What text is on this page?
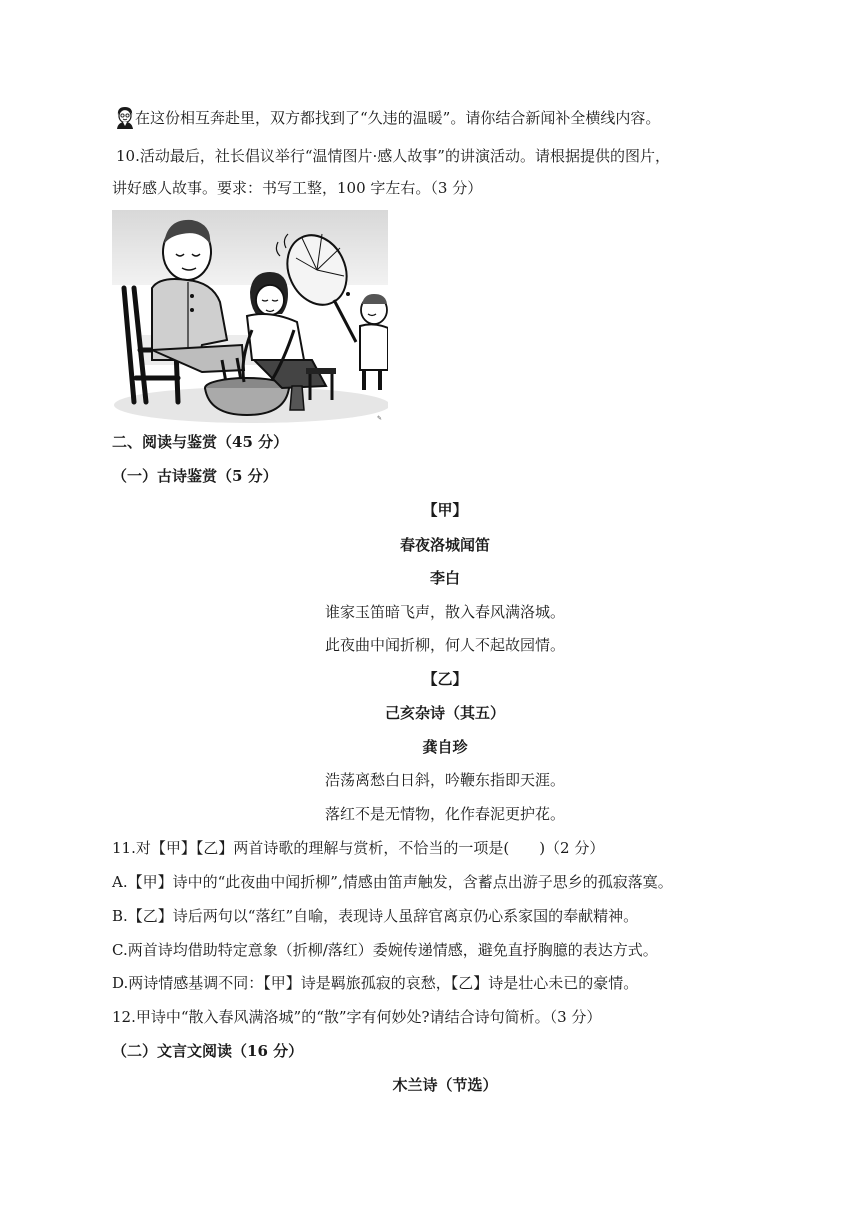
在这份相互奔赴里，双方都找到了“久违的温暖”。请你结合新闻补全横线内容。
10.活动最后，社长倡议举行“温情图片·感人故事”的讲演活动。请根据提供的图片，
讲好感人故事。要求：书写工整，100 字左右。（3 分）
✎
二、阅读与鉴赏（45 分）
（一）古诗鉴赏（5 分）
【甲】
春夜洛城闻笛
李白
谁家玉笛暗飞声，散入春风满洛城。
此夜曲中闻折柳，何人不起故园情。
【乙】
己亥杂诗（其五）
龚自珍
浩荡离愁白日斜，吟鞭东指即天涯。
落红不是无情物，化作春泥更护花。
11.对【甲】【乙】两首诗歌的理解与赏析，不恰当的一项是(　　)（2 分）
A.【甲】诗中的“此夜曲中闻折柳”,情感由笛声触发，含蓄点出游子思乡的孤寂落寞。
B.【乙】诗后两句以“落红”自喻，表现诗人虽辞官离京仍心系家国的奉献精神。
C.两首诗均借助特定意象（折柳/落红）委婉传递情感，避免直抒胸臆的表达方式。
D.两诗情感基调不同：【甲】诗是羁旅孤寂的哀愁，【乙】诗是壮心未已的豪情。
12.甲诗中“散入春风满洛城”的“散”字有何妙处?请结合诗句简析。（3 分）
（二）文言文阅读（16 分）
木兰诗（节选）
